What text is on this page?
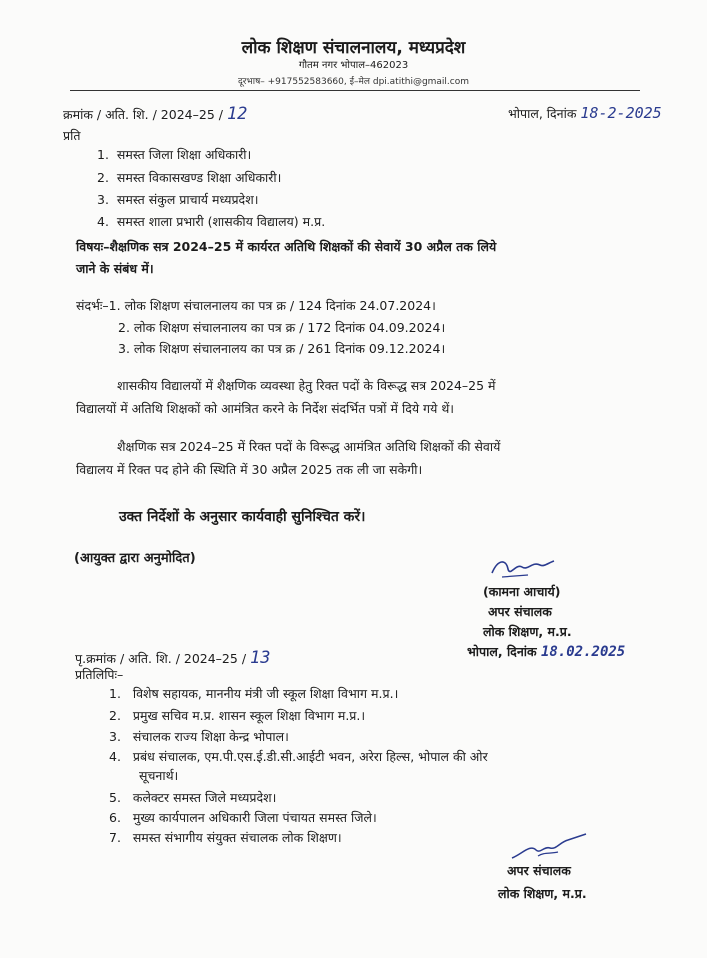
लोक शिक्षण संचालनालय, मध्यप्रदेश
गौतम नगर भोपाल–462023
दूरभाष– +917552583660, ई–मेल dpi.atithi@gmail.com
क्रमांक / अति. शि. / 2024–25 / 12	भोपाल, दिनांक 18-2-2025
प्रति
1. समस्त जिला शिक्षा अधिकारी।
2. समस्त विकासखण्ड शिक्षा अधिकारी।
3. समस्त संकुल प्राचार्य मध्यप्रदेश।
4. समस्त शाला प्रभारी (शासकीय विद्यालय) म.प्र.
विषयः–शैक्षणिक सत्र 2024–25 में कार्यरत अतिथि शिक्षकों की सेवायें 30 अप्रैल तक लिये
जाने के संबंध में।
संदर्भः–1. लोक शिक्षण संचालनालय का पत्र क्र / 124 दिनांक 24.07.2024।
2. लोक शिक्षण संचालनालय का पत्र क्र / 172 दिनांक 04.09.2024।
3. लोक शिक्षण संचालनालय का पत्र क्र / 261 दिनांक 09.12.2024।
शासकीय विद्यालयों में शैक्षणिक व्यवस्था हेतु रिक्त पदों के विरूद्ध सत्र 2024–25 में
विद्यालयों में अतिथि शिक्षकों को आमंत्रित करने के निर्देश संदर्भित पत्रों में दिये गये थें।
शैक्षणिक सत्र 2024–25 में रिक्त पदों के विरूद्ध आमंत्रित अतिथि शिक्षकों की सेवायें
विद्यालय में रिक्त पद होने की स्थिति में 30 अप्रैल 2025 तक ली जा सकेगी।
उक्त निर्देशों के अनुसार कार्यवाही सुनिश्चित करें।
(आयुक्त द्वारा अनुमोदित)
(कामना आचार्य)
अपर संचालक
लोक शिक्षण, म.प्र.
पृ.क्रमांक / अति. शि. / 2024–25 / 13	भोपाल, दिनांक 18.02.2025
प्रतिलिपिः–
1. विशेष सहायक, माननीय मंत्री जी स्कूल शिक्षा विभाग म.प्र.।
2. प्रमुख सचिव म.प्र. शासन स्कूल शिक्षा विभाग म.प्र.।
3. संचालक राज्य शिक्षा केन्द्र भोपाल।
4. प्रबंध संचालक, एम.पी.एस.ई.डी.सी.आईटी भवन, अरेरा हिल्स, भोपाल की ओर
सूचनार्थ।
5. कलेक्टर समस्त जिले मध्यप्रदेश।
6. मुख्य कार्यपालन अधिकारी जिला पंचायत समस्त जिले।
7. समस्त संभागीय संयुक्त संचालक लोक शिक्षण।
अपर संचालक
लोक शिक्षण, म.प्र.
